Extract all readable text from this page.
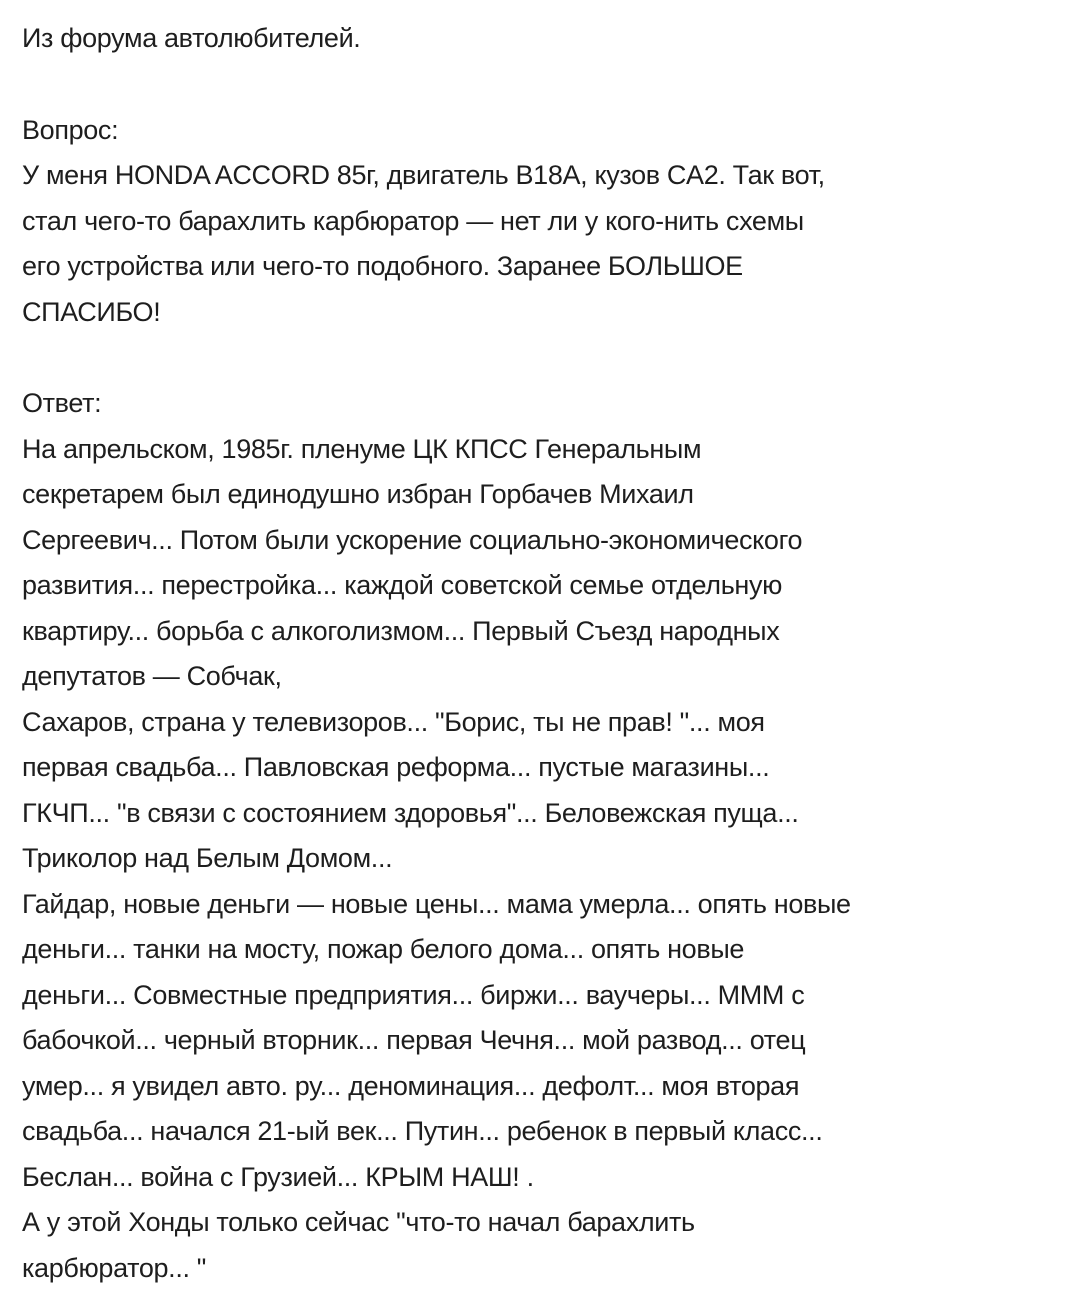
Из форума автолюбителей.
Вопрос:
У меня HONDA ACCORD 85г, двигатель B18A, кузов CA2. Так вот,
стал чего-то барахлить карбюратор — нет ли у кого-нить схемы
его устройства или чего-то подобного. Заранее БОЛЬШОЕ
СПАСИБО!
Ответ:
На апрельском, 1985г. пленуме ЦК КПСС Генеральным
секретарем был единодушно избран Горбачев Михаил
Сергеевич... Потом были ускорение социально-экономического
развития... перестройка... каждой советской семье отдельную
квартиру... борьба с алкоголизмом... Первый Съезд народных
депутатов — Собчак,
Сахаров, страна у телевизоров... "Борис, ты не прав! "... моя
первая свадьба... Павловская реформа... пустые магазины...
ГКЧП... "в связи с состоянием здоровья"... Беловежская пуща...
Триколор над Белым Домом...
Гайдар, новые деньги — новые цены... мама умерла... опять новые
деньги... танки на мосту, пожар белого дома... опять новые
деньги... Совместные предприятия... биржи... ваучеры... МММ с
бабочкой... черный вторник... первая Чечня... мой развод... отец
умер... я увидел авто. ру... деноминация... дефолт... моя вторая
свадьба... начался 21-ый век... Путин... ребенок в первый класс...
Беслан... война с Грузией... КРЫМ НАШ! .
А у этой Хонды только сейчас "что-то начал барахлить
карбюратор... "
